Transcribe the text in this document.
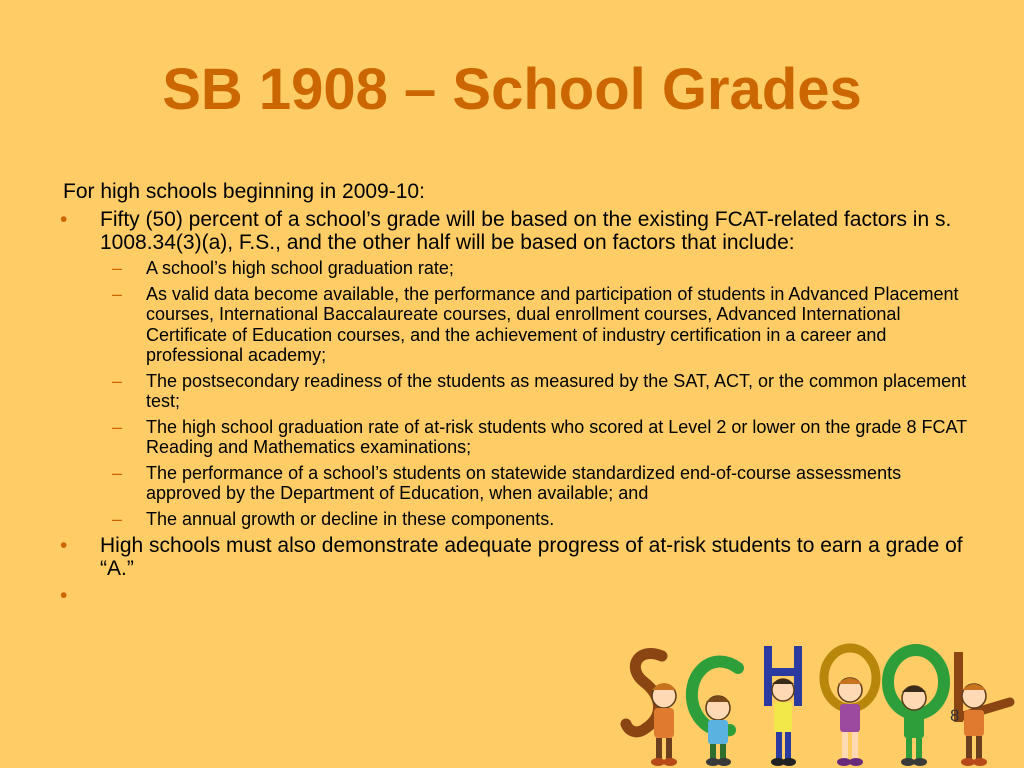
SB 1908 – School Grades

For high schools beginning in 2009-10:

• Fifty (50) percent of a school’s grade will be based on the existing FCAT-related factors in s. 1008.34(3)(a), F.S., and the other half will be based on factors that include:
– A school’s high school graduation rate;
– As valid data become available, the performance and participation of students in Advanced Placement courses, International Baccalaureate courses, dual enrollment courses, Advanced International Certificate of Education courses, and the achievement of industry certification in a career and professional academy;
– The postsecondary readiness of the students as measured by the SAT, ACT, or the common placement test;
– The high school graduation rate of at-risk students who scored at Level 2 or lower on the grade 8 FCAT Reading and Mathematics examinations;
– The performance of a school’s students on statewide standardized end-of-course assessments approved by the Department of Education, when available; and
– The annual growth or decline in these components.
• High schools must also demonstrate adequate progress of at-risk students to earn a grade of “A.”
•
8
